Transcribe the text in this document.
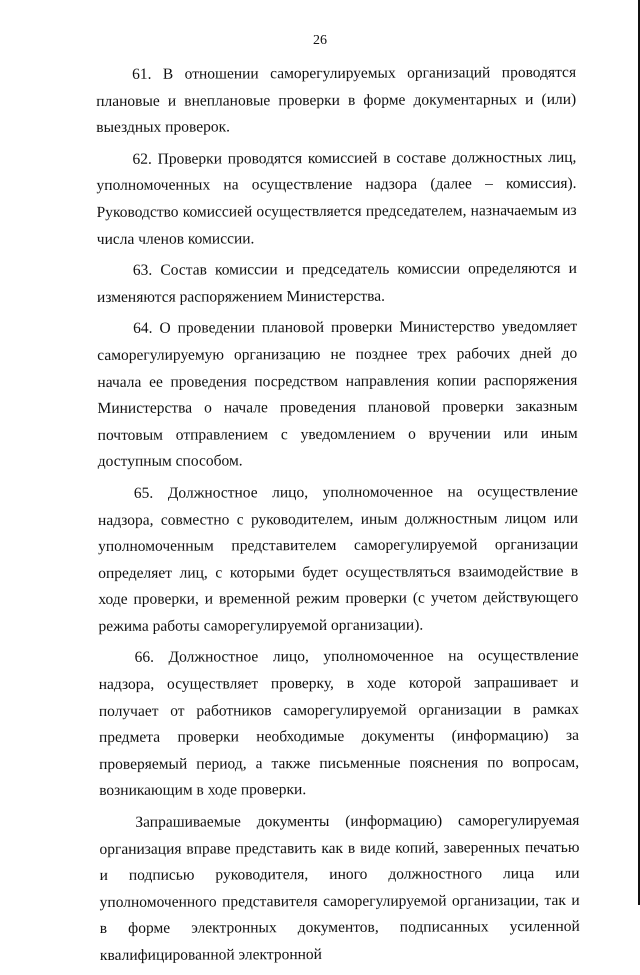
26

61. В отношении саморегулируемых организаций проводятся плановые и внеплановые проверки в форме документарных и (или) выездных проверок.

62. Проверки проводятся комиссией в составе должностных лиц, уполномоченных на осуществление надзора (далее – комиссия). Руководство комиссией осуществляется председателем, назначаемым из числа членов комиссии.

63. Состав комиссии и председатель комиссии определяются и изменяются распоряжением Министерства.

64. О проведении плановой проверки Министерство уведомляет саморегулируемую организацию не позднее трех рабочих дней до начала ее проведения посредством направления копии распоряжения Министерства о начале проведения плановой проверки заказным почтовым отправлением с уведомлением о вручении или иным доступным способом.

65. Должностное лицо, уполномоченное на осуществление надзора, совместно с руководителем, иным должностным лицом или уполномоченным представителем саморегулируемой организации определяет лиц, с которыми будет осуществляться взаимодействие в ходе проверки, и временной режим проверки (с учетом действующего режима работы саморегулируемой организации).

66. Должностное лицо, уполномоченное на осуществление надзора, осуществляет проверку, в ходе которой запрашивает и получает от работников саморегулируемой организации в рамках предмета проверки необходимые документы (информацию) за проверяемый период, а также письменные пояснения по вопросам, возникающим в ходе проверки.

Запрашиваемые документы (информацию) саморегулируемая организация вправе представить как в виде копий, заверенных печатью и подписью руководителя, иного должностного лица или уполномоченного представителя саморегулируемой организации, так и в форме электронных документов, подписанных усиленной квалифицированной электронной
